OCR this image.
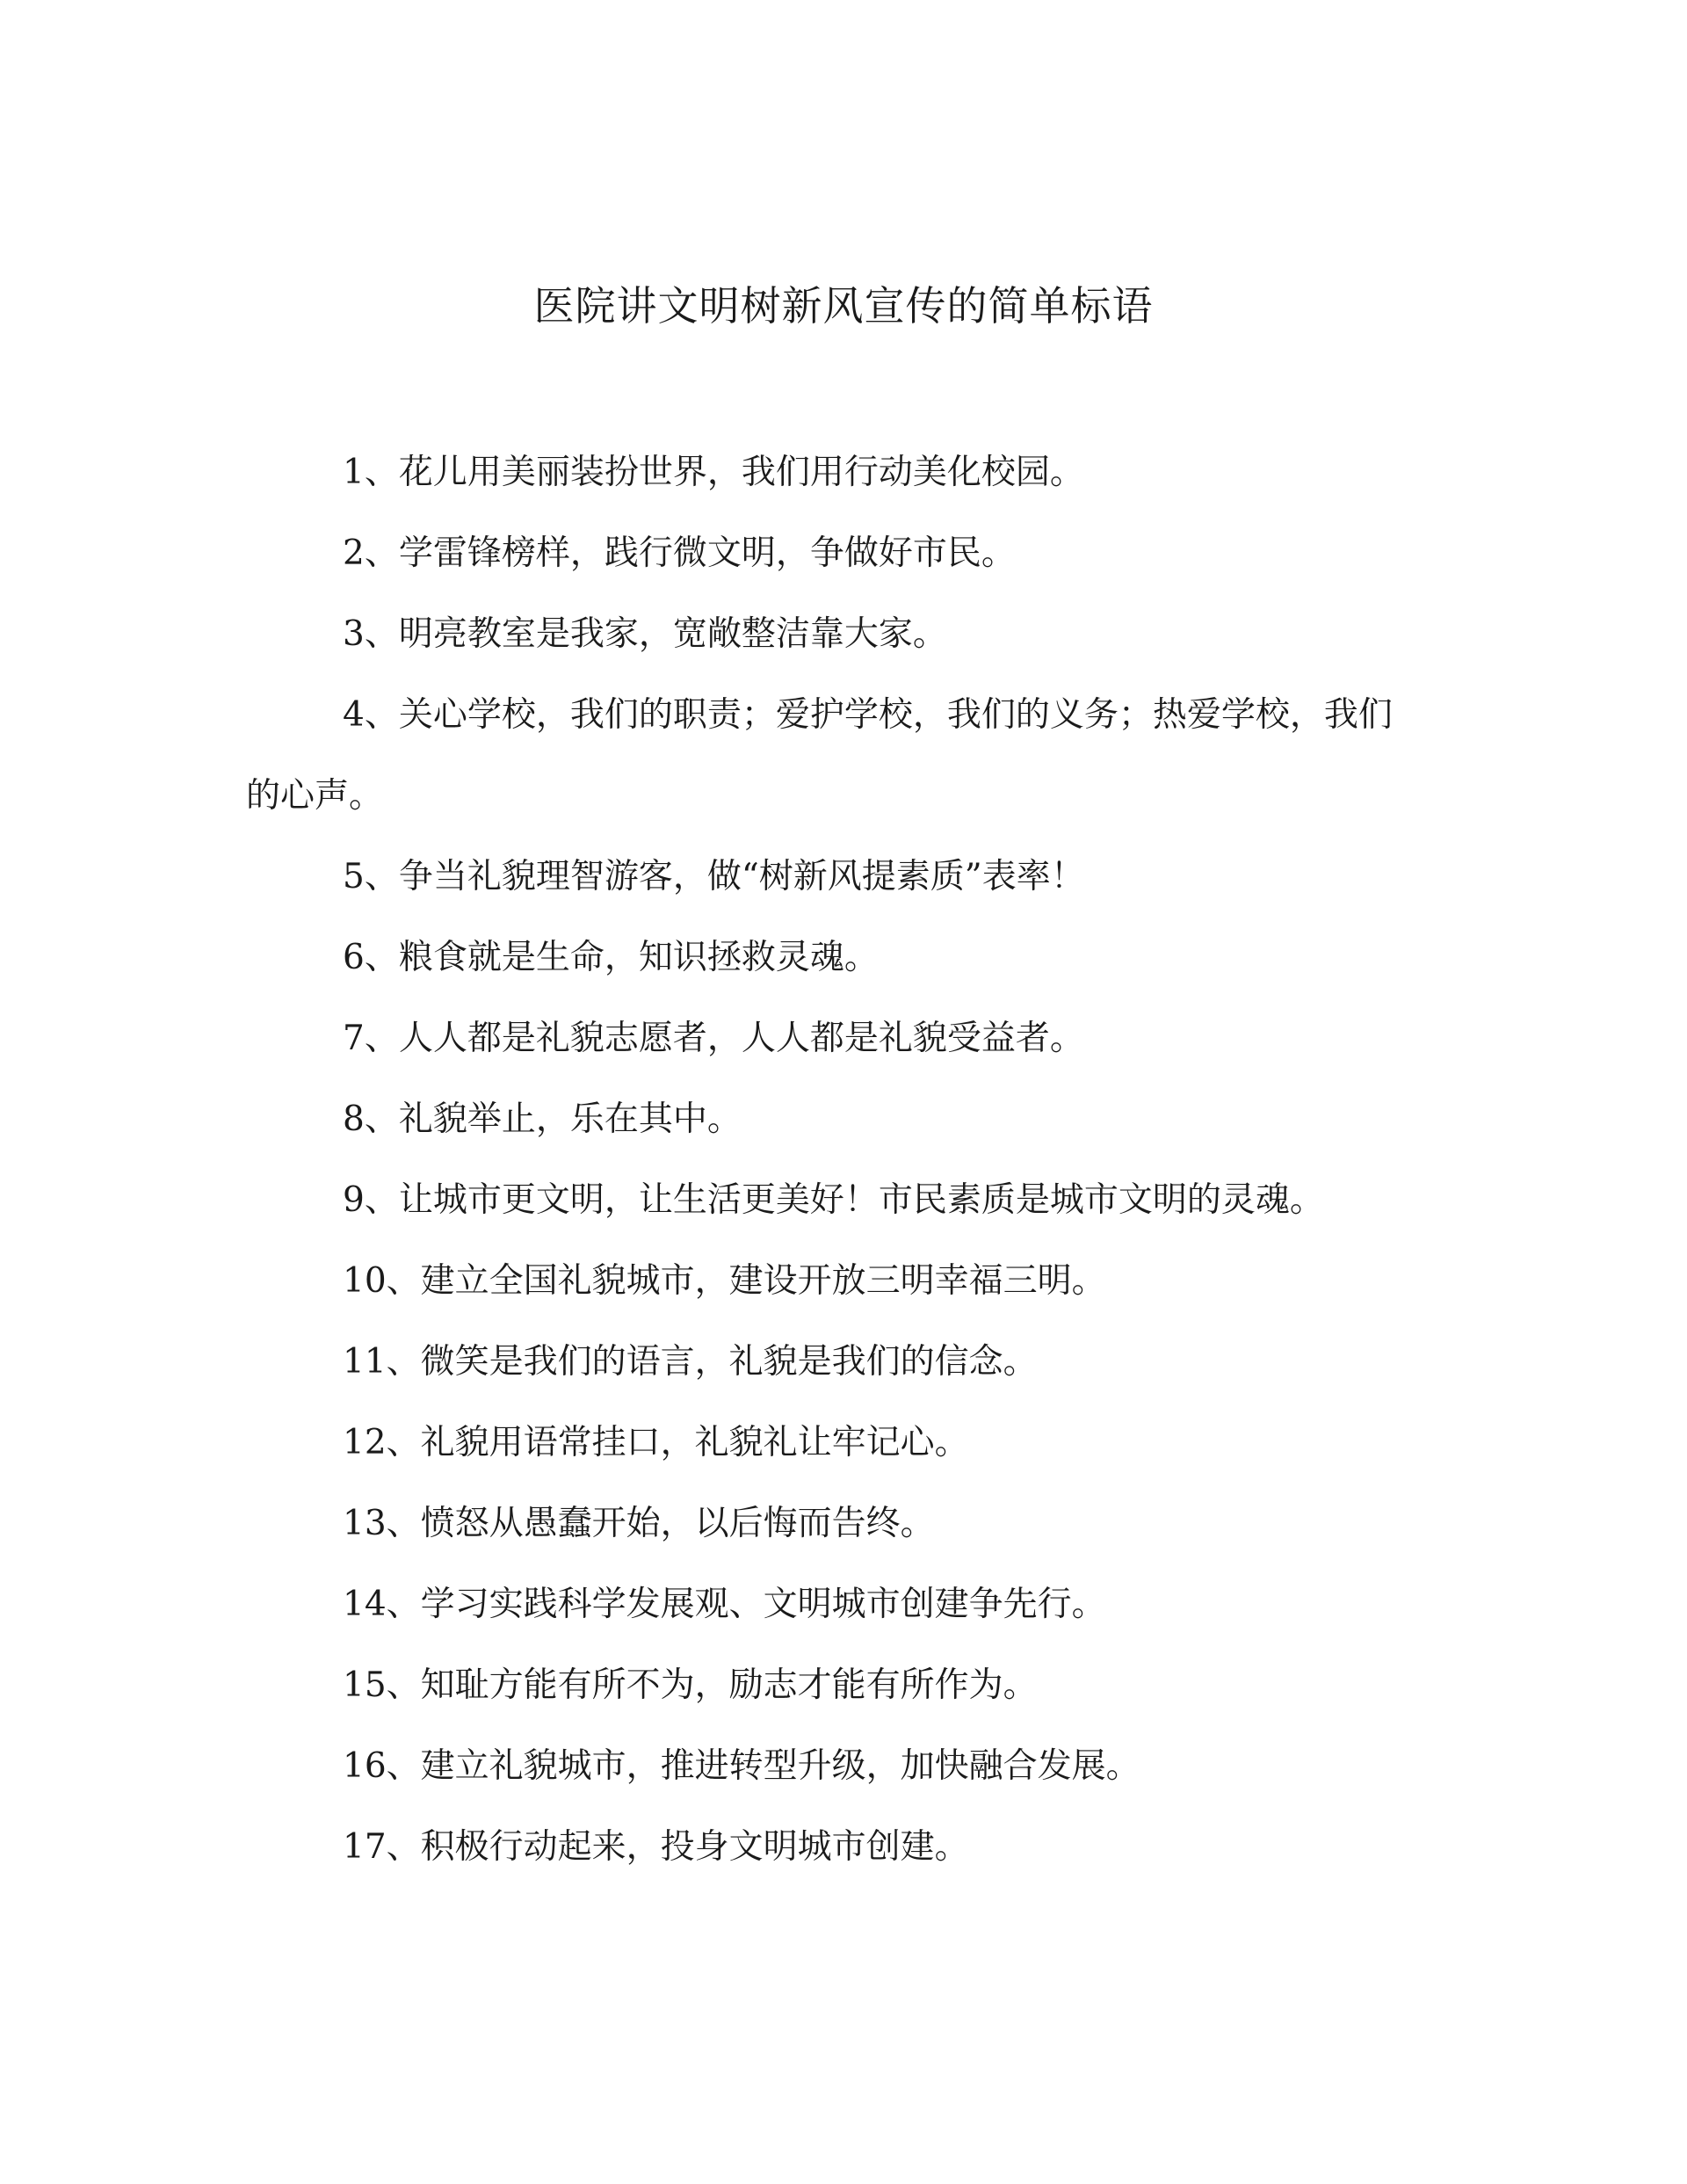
医院讲文明树新风宣传的简单标语
1、花儿用美丽装扮世界，我们用行动美化校园。
2、学雷锋榜样，践行微文明，争做好市民。
3、明亮教室是我家，宽敞整洁靠大家。
4、关心学校，我们的职责；爱护学校，我们的义务；热爱学校，我们的心声。
5、争当礼貌理智游客，做“树新风提素质”表率！
6、粮食就是生命，知识拯救灵魂。
7、人人都是礼貌志愿者，人人都是礼貌受益者。
8、礼貌举止，乐在其中。
9、让城市更文明，让生活更美好！市民素质是城市文明的灵魂。
10、建立全国礼貌城市，建设开放三明幸福三明。
11、微笑是我们的语言，礼貌是我们的信念。
12、礼貌用语常挂口，礼貌礼让牢记心。
13、愤怒从愚蠢开始，以后悔而告终。
14、学习实践科学发展观、文明城市创建争先行。
15、知耻方能有所不为，励志才能有所作为。
16、建立礼貌城市，推进转型升级，加快融合发展。
17、积极行动起来，投身文明城市创建。
